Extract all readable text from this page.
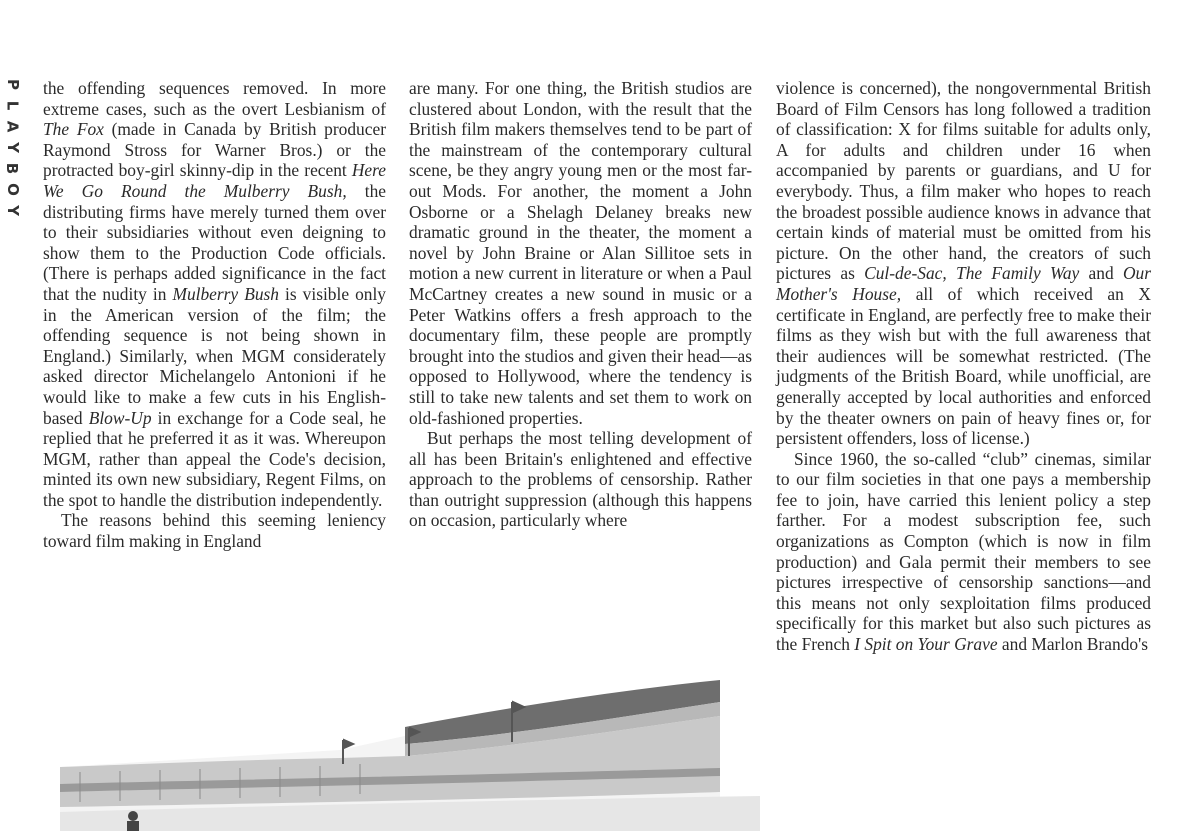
P
L
A
Y
B
O
Y

the offending sequences removed. In more extreme cases, such as the overt Lesbianism of The Fox (made in Canada by British producer Raymond Stross for Warner Bros.) or the protracted boy-girl skinny-dip in the recent Here We Go Round the Mulberry Bush, the distributing firms have merely turned them over to their subsidiaries without even deigning to show them to the Production Code officials. (There is perhaps added significance in the fact that the nudity in Mulberry Bush is visible only in the American version of the film; the offending sequence is not being shown in England.) Similarly, when MGM considerately asked director Michelangelo Antonioni if he would like to make a few cuts in his English-based Blow-Up in exchange for a Code seal, he replied that he preferred it as it was. Whereupon MGM, rather than appeal the Code's decision, minted its own new subsidiary, Regent Films, on the spot to handle the distribution independently.

The reasons behind this seeming leniency toward film making in England

are many. For one thing, the British studios are clustered about London, with the result that the British film makers themselves tend to be part of the mainstream of the contemporary cultural scene, be they angry young men or the most far-out Mods. For another, the moment a John Osborne or a Shelagh Delaney breaks new dramatic ground in the theater, the moment a novel by John Braine or Alan Sillitoe sets in motion a new current in literature or when a Paul McCartney creates a new sound in music or a Peter Watkins offers a fresh approach to the documentary film, these people are promptly brought into the studios and given their head—as opposed to Hollywood, where the tendency is still to take new talents and set them to work on old-fashioned properties.

But perhaps the most telling development of all has been Britain's enlightened and effective approach to the problems of censorship. Rather than outright suppression (although this happens on occasion, particularly where

violence is concerned), the nongovernmental British Board of Film Censors has long followed a tradition of classification: X for films suitable for adults only, A for adults and children under 16 when accompanied by parents or guardians, and U for everybody. Thus, a film maker who hopes to reach the broadest possible audience knows in advance that certain kinds of material must be omitted from his picture. On the other hand, the creators of such pictures as Cul-de-Sac, The Family Way and Our Mother's House, all of which received an X certificate in England, are perfectly free to make their films as they wish but with the full awareness that their audiences will be somewhat restricted. (The judgments of the British Board, while unofficial, are generally accepted by local authorities and enforced by the theater owners on pain of heavy fines or, for persistent offenders, loss of license.)

Since 1960, the so-called “club” cinemas, similar to our film societies in that one pays a membership fee to join, have carried this lenient policy a step farther. For a modest subscription fee, such organizations as Compton (which is now in film production) and Gala permit their members to see pictures irrespective of censorship sanctions—and this means not only sexploitation films produced specifically for this market but also such pictures as the French I Spit on Your Grave and Marlon Brando's
